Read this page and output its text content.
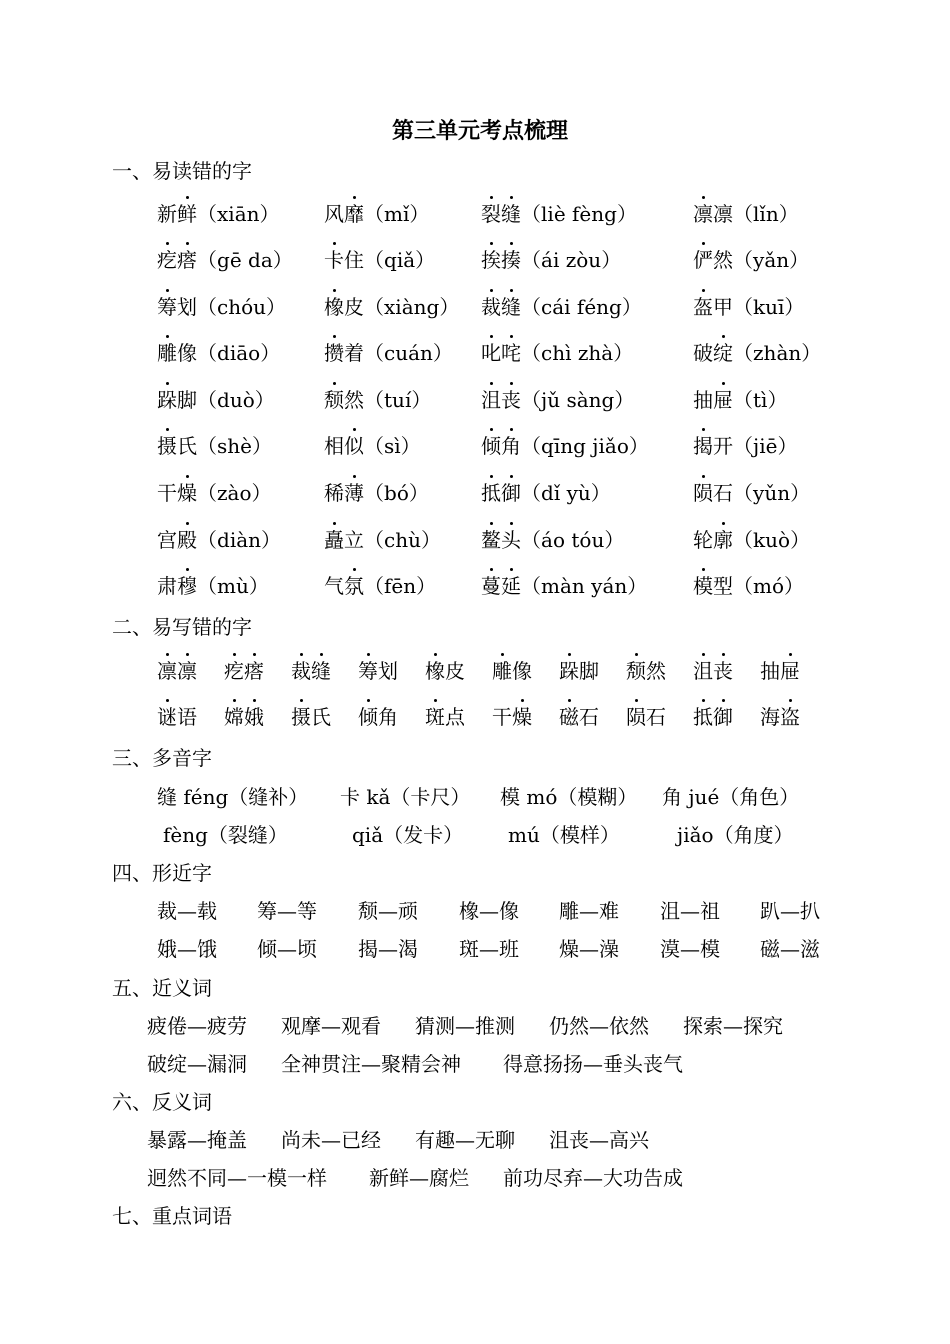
第三单元考点梳理
一、易读错的字
新鲜（xiān） 风靡（mǐ）	裂缝（liè fèng）	凛凛（lǐn）
疙瘩（gē da） 卡住（qiǎ） 挨揍（ái zòu）	俨然（yǎn）
筹划（chóu） 橡皮（xiàng） 裁缝（cái féng）	盔甲（kuī）
雕像（diāo） 攒着（cuán） 叱咤（chì zhà）	破绽（zhàn）
跺脚（duò） 颓然（tuí） 沮丧（jǔ sàng）	抽屉（tì）
摄氏（shè）	相似（sì）	倾角（qīng jiǎo） 揭开（jiē）
干燥（zào）	稀薄（bó）	抵御（dǐ yù）	陨石（yǔn）
宫殿（diàn） 矗立（chù） 鳌头（áo tóu）	轮廓（kuò）
肃穆（mù）	气氛（fēn） 蔓延（màn yán） 模型（mó）
二、易写错的字
凛凛 疙瘩 裁缝 筹划 橡皮 雕像 跺脚 颓然 沮丧 抽屉
谜语 嫦娥 摄氏 倾角 斑点 干燥 磁石 陨石 抵御 海盗
三、多音字
缝 féng（缝补） 卡 kǎ（卡尺） 模 mó（模糊） 角 jué（角色）
fèng（裂缝）	qiǎ（发卡） mú（模样）	jiǎo（角度）
四、形近字
裁—载 筹—等 颓—顽 橡—像 雕—难 沮—祖 趴—扒
娥—饿 倾—顷 揭—渴 斑—班 燥—澡 漠—模 磁—滋
五、近义词
疲倦—疲劳 观摩—观看 猜测—推测 仍然—依然 探索—探究
破绽—漏洞 全神贯注—聚精会神 得意扬扬—垂头丧气
六、反义词
暴露—掩盖 尚未—已经 有趣—无聊 沮丧—高兴
迥然不同—一模一样 新鲜—腐烂 前功尽弃—大功告成
七、重点词语
